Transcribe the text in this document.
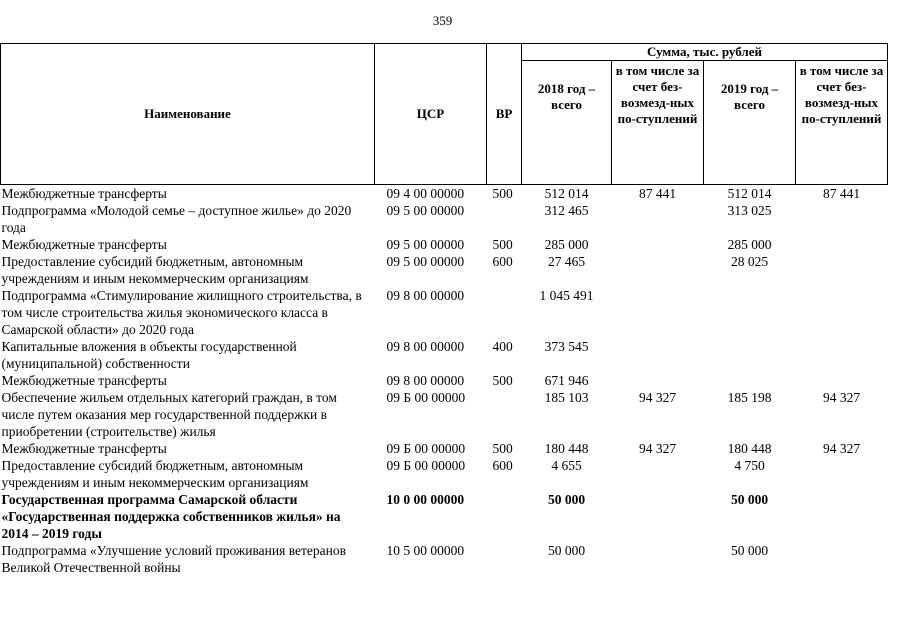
359
Наименование	ЦСР	ВР	Сумма, тыс. рублей			
			2018 год – всего	в том числе за счет без-возмезд-ных по-ступлений	2019 год – всего	в том числе за счет без-возмезд-ных по-ступлений
Межбюджетные трансферты	09 4 00 00000	500	512 014	87 441	512 014	87 441
Подпрограмма «Молодой семье – доступное жилье» до 2020 года	09 5 00 00000		312 465		313 025	
Межбюджетные трансферты	09 5 00 00000	500	285 000		285 000	
Предоставление субсидий бюджетным, автономным учреждениям и иным некоммерческим организациям	09 5 00 00000	600	27 465		28 025	
Подпрограмма «Стимулирование жилищного строительства, в том числе строительства жилья экономического класса в Самарской области» до 2020 года	09 8 00 00000		1 045 491			
Капитальные вложения в объекты государственной (муниципальной) собственности	09 8 00 00000	400	373 545			
Межбюджетные трансферты	09 8 00 00000	500	671 946			
Обеспечение жильем отдельных категорий граждан, в том числе путем оказания мер государственной поддержки в приобретении (строительстве) жилья	09 Б 00 00000		185 103	94 327	185 198	94 327
Межбюджетные трансферты	09 Б 00 00000	500	180 448	94 327	180 448	94 327
Предоставление субсидий бюджетным, автономным учреждениям и иным некоммерческим организациям	09 Б 00 00000	600	4 655		4 750	
Государственная программа Самарской области «Государственная поддержка собственников жилья» на 2014 – 2019 годы	10 0 00 00000		50 000		50 000	
Подпрограмма «Улучшение условий проживания ветеранов Великой Отечественной войны	10 5 00 00000		50 000		50 000	
